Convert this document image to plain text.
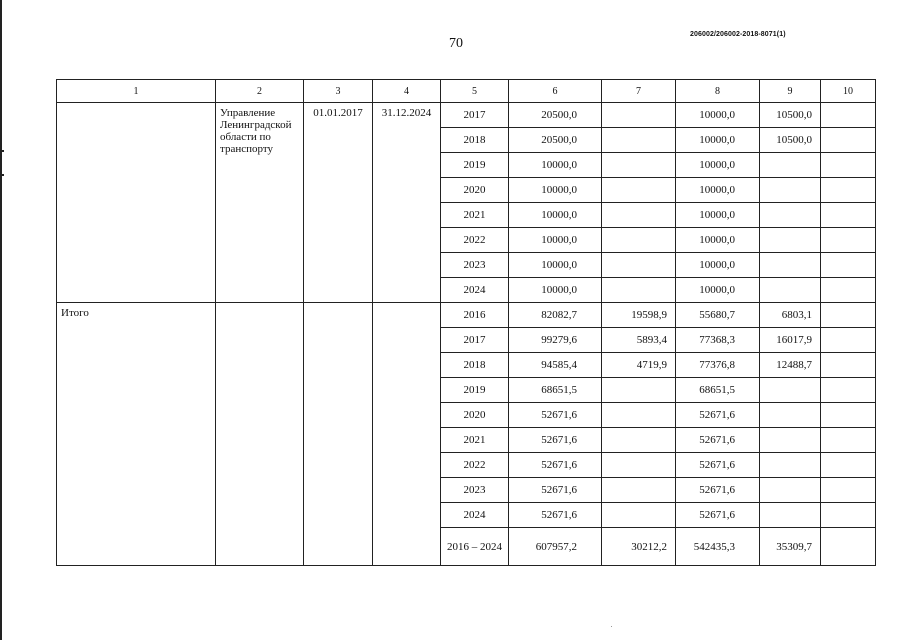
70
206002/206002-2018-8071(1)
1	2	3	4	5	6	7	8	9	10
	Управление Ленинградской области по транспорту	01.01.2017	31.12.2024	2017	20500,0		10000,0	10500,0	
				2018	20500,0		10000,0	10500,0	
				2019	10000,0		10000,0		
				2020	10000,0		10000,0		
				2021	10000,0		10000,0		
				2022	10000,0		10000,0		
				2023	10000,0		10000,0		
				2024	10000,0		10000,0		
Итого				2016	82082,7	19598,9	55680,7	6803,1	
				2017	99279,6	5893,4	77368,3	16017,9	
				2018	94585,4	4719,9	77376,8	12488,7	
				2019	68651,5		68651,5		
				2020	52671,6		52671,6		
				2021	52671,6		52671,6		
				2022	52671,6		52671,6		
				2023	52671,6		52671,6		
				2024	52671,6		52671,6		
				2016 – 2024	607957,2	30212,2	542435,3	35309,7	
